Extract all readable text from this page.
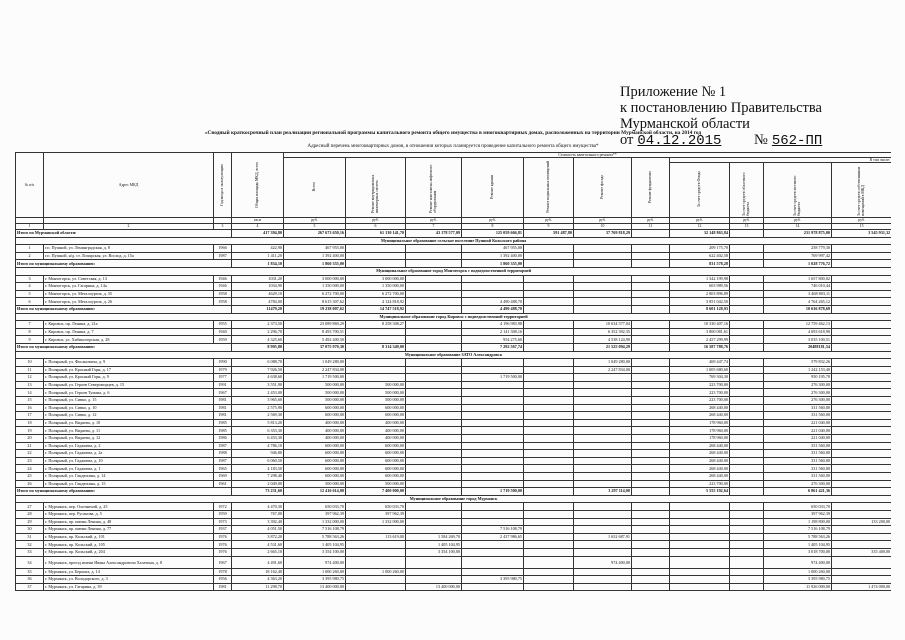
Приложение № 1
к постановлению Правительства
Мурманской области
от 04.12.2015 № 562-ПП
«Сводный краткосрочный план реализации региональной программы капитального ремонта общего имущества в многоквартирных домах, расположенных на территории Мурманской области, на 2014 год
Адресный перечень многоквартирных домов, в отношении которых планируется проведение капитального ремонта общего имущества*
№ п/п	Адрес МКД	Год ввода в эксплуатацию	Общая площадь МКД, всего	Стоимость капитального ремонта**										
				Всего	Ремонт внутридомовых инженерных систем	Ремонт или замена лифтового оборудования	Ремонт крыши	Ремонт подвальных помещений	Ремонт фасада	Ремонт фундамента	В том числе:			
											За счет средств Фонда	За счет средств областного бюджета	За счет средств местного бюджета	За счет средств собственников помещений в МКД
			кв.м	руб.	руб.	руб.	руб.	руб.	руб.	руб.	руб.	руб.	руб.	руб.
1	2	3	4	5	6	7	8	9	10	11	12	13	14	15
Итого по Мурманской области:			417 394,80	267 673 650,16	61 130 141,70	43 178 577,09	125 059 666,81	591 487,80	37 769 818,29		32 148 863,84		231 978 875,00	3 545 931,32
Муниципальное образование сельское поселение Пушной Кольского района														
1	г.п. Пушной, ул. Ленинградская, д. 8	1966	422,90	467 955,00			467 955,00				209 175,70		258 779,30	
2	г.п. Пушной, н/д. ст. Лопарская, ул. Восход, д. 15а	1987	1 411,20	1 392 400,00			1 392 400,00				622 402,58		769 997,42	
Итого по муниципальному образованию:			1 834,10	1 860 355,00			1 860 355,00				831 578,28		1 028 776,72	
Муниципальное образование город Мончегорск с подведомственной территорией														
3	г. Мончегорск, ул. Советская, д. 13	1946	1031,20	3 000 000,00	3 000 000,00						1 342 199,98		1 657 800,02	
4	г. Мончегорск, ул. Гагарина, д. 14а	1946	1034,90	1 350 000,00	1 350 000,00						603 989,56		746 010,44	
5	г. Мончегорск, ул. Металлургов, д. 35	1958	4629,10	6 272 700,00	6 272 700,00						2 803 896,89		3 468 803,11	
6	г. Мончегорск, ул. Металлургов, д. 26	1958	4784,00	8 615 307,62	4 124 818,92		4 490 488,70				3 851 042,50		4 764 265,12	
Итого по муниципальному образованию:			11479,20	19 238 007,62	14 747 518,92		4 490 488,70				8 601 128,93		10 636 878,69	
Муниципальное образование город Кировск с подведомственной территорией														
7	г. Кировск, пр. Ленина, д. 21а	1955	2 373,50	23 089 869,29	8 258 308,27		4 196 983,98		10 634 577,04		10 330 407,16		12 759 462,13	
8	г. Кировск, пр. Ленина, д. 7	1940	2 296,70	8 493 700,51			2 141 308,16		6 352 392,35		3 800 081,61		4 693 618,90	
9	г. Кировск, ул. Хибиногорская, д. 28	1959	4 325,60	5 492 400,50			954 275,60		4 538 124,90		2 457 299,99		3 035 100,51	
Итого по муниципальному образованию:			8 995,80	37 075 970,30	8 314 349,00		7 292 567,74		21 525 094,29		16 587 788,76		20488181,54	
Муниципальное образование ЗАТО Александровск														
10	г. Полярный, ул. Фисановича, д. 9	1990	6 088,70	1 049 280,00					1 049 280,00		469 447,74		579 832,26	
11	г. Полярный, ул. Красный Горн, д. 17	1979	7 926,50	2 247 834,00					2 247 834,00		1 005 680,60		1 242 153,40	
12	г. Полярный, ул. Красный Горн, д. 9	1977	4 638,60	1 719 500,00			1 719 500,00				769 304,30		950 195,70	
13	г. Полярный, ул. Героев Североморцев, д. 15	1991	3 551,90	500 000,00	500 000,00						223 700,00		276 300,00	
14	г. Полярный, ул. Героев Тумана, д. 6	1967	2 453,00	500 000,00	500 000,00						223 700,00		276 300,00	
15	г. Полярный, ул. Сивко, д. 15	1981	3 965,60	500 000,00	500 000,00						223 700,00		276 300,00	
16	г. Полярный, ул. Сивко, д. 10	1981	2 575,90	600 000,00	600 000,00						268 440,00		331 560,00	
17	г. Полярный, ул. Сивко, д. 12	1981	2 569,30	600 000,00	600 000,00						268 440,00		331 560,00	
18	г. Полярный, ул. Видяева, д. 10	1985	5 813,20	400 000,00	400 000,00						178 960,00		221 040,00	
19	г. Полярный, ул. Видяева, д. 11	1985	6 353,30	400 000,00	400 000,00						178 960,00		221 040,00	
20	г. Полярный, ул. Видяева, д. 12	1986	6 453,30	400 000,00	400 000,00						178 960,00		221 040,00	
21	г. Полярный, ул. Гаджиева, д. 2	1987	4 786,10	600 000,00	600 000,00						268 440,00		331 560,00	
22	г. Полярный, ул. Гаджиева, д. 2а	1988	946,80	600 000,00	600 000,00						268 440,00		331 560,00	
23	г. Полярный, ул. Гаджиева, д. 10	1987	6 060,50	600 000,00	600 000,00						268 440,00		331 560,00	
24	г. Полярный, ул. Гаджиева, д. 1	1965	4 183,50	600 000,00	600 000,00						268 440,00		331 560,00	
25	г. Полярный, ул. Гандюхина, д. 14	1969	7 298,40	600 000,00	600 000,00						268 440,00		331 560,00	
26	г. Полярный, ул. Гандюхина, д. 15	1961	2 049,00	500 000,00	500 000,00						223 700,00		276 300,00	
Итого по муниципальному образованию:			73 231,60	12 416 614,00	7 400 000,00		1 719 500,00		3 297 114,00		5 555 192,64		6 861 421,36	
Муниципальное образование город Мурманск														
27	г. Мурманск, пер. Охотничий, д. 25	1972	4 470,30	650 033,70	650 033,70								650 033,70	
28	г. Мурманск, пер. Русанова, д. 5	1959	767,00	397 962,39	397 962,39								397 962,39	
29	г. Мурманск, пр. имени Ленина, д. 48	1973	3 392,40	1 332 000,00	1 332 000,00								1 198 800,00	133 200,00
30	г. Мурманск, пр. имени Ленина, д. 77	1937	4 051,50	7 516 108,79			7 516 108,79						7 516 108,79	
31	г. Мурманск, пр. Кольский, д. 101	1976	3 872,20	5 788 563,26	113 619,00	1 584 269,70	2 437 986,65		1 652 687,91				5 788 563,26	
32	г. Мурманск, пр. Кольский, д. 105	1976	4 531,60	1 405 104,95		1 405 104,95							1 405 104,95	
33	г. Мурманск, пр. Кольский, д. 204	1976	2 665,10	3 354 100,00		3 354 100,00							3 018 700,00	335 400,00
34	г. Мурманск, проезд имени Ивана Александровича Халатина, д. 8	1967	4 491,60	974 400,00					974 400,00				974 400,00	
35	г. Мурманск, ул. Беринга, д. 14	1978	18 162,40	1 000 260,00	1 000 260,00								1 000 260,00	
36	г. Мурманск, ул. Володарского, д. 3	1956	4 363,20	3 395 980,75			3 395 980,75						3 395 980,75	
37	г. Мурманск, ул. Гагарина, д. 39	1981	11 298,70	13 400 000,00		13 400 000,00							11 926 000,00	1 474 000,00
